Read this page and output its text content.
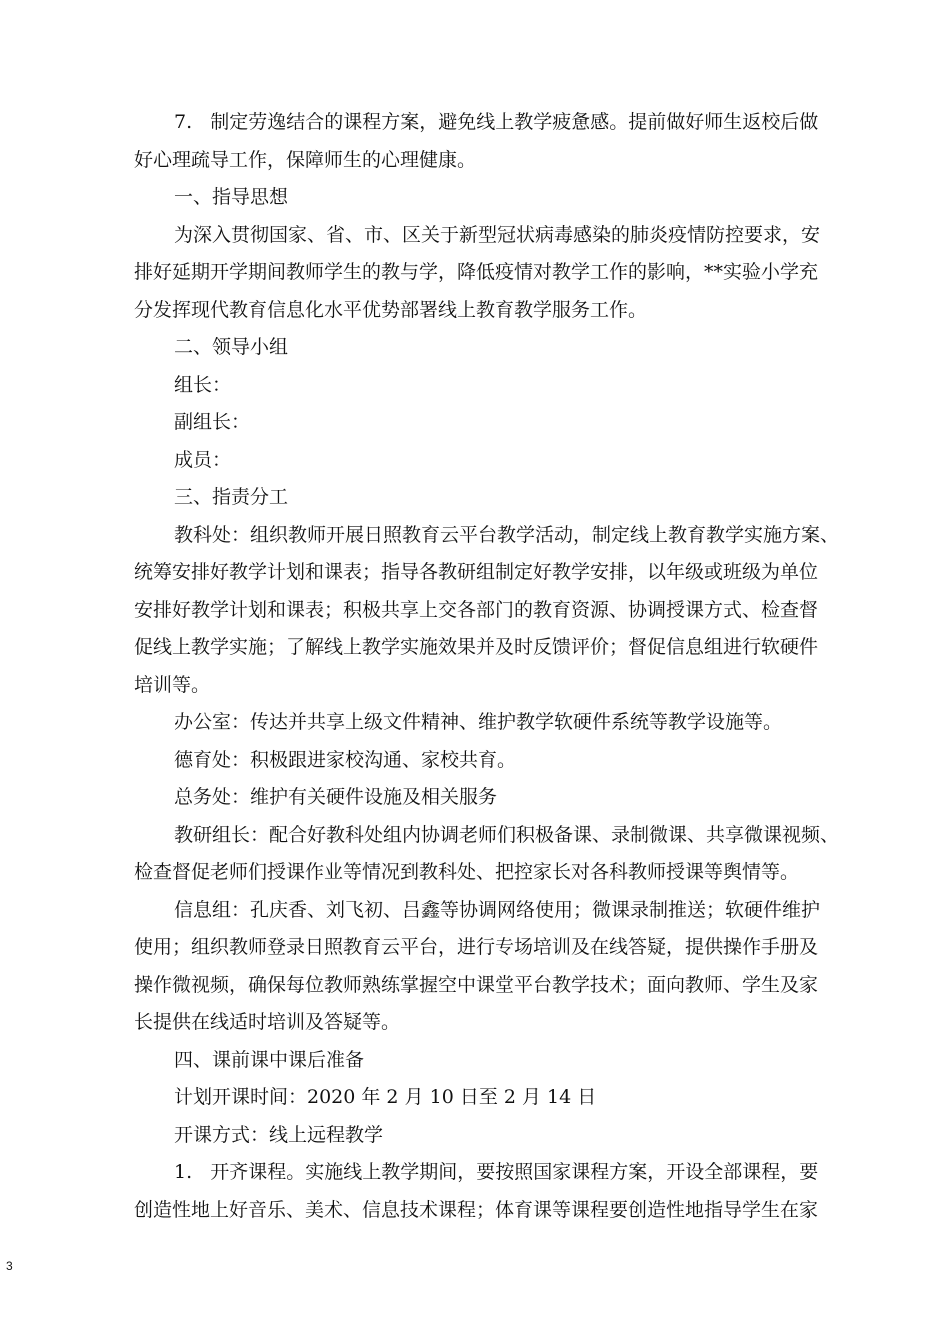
7.   制定劳逸结合的课程方案，避免线上教学疲惫感。提前做好师生返校后做
好心理疏导工作，保障师生的心理健康。
一、指导思想
为深入贯彻国家、省、市、区关于新型冠状病毒感染的肺炎疫情防控要求，安
排好延期开学期间教师学生的教与学，降低疫情对教学工作的影响，**实验小学充
分发挥现代教育信息化水平优势部署线上教育教学服务工作。
二、领导小组
组长：
副组长：
成员：
三、指责分工
教科处：组织教师开展日照教育云平台教学活动，制定线上教育教学实施方案、
统筹安排好教学计划和课表；指导各教研组制定好教学安排，以年级或班级为单位
安排好教学计划和课表；积极共享上交各部门的教育资源、协调授课方式、检查督
促线上教学实施；了解线上教学实施效果并及时反馈评价；督促信息组进行软硬件
培训等。
办公室：传达并共享上级文件精神、维护教学软硬件系统等教学设施等。
德育处：积极跟进家校沟通、家校共育。
总务处：维护有关硬件设施及相关服务
教研组长：配合好教科处组内协调老师们积极备课、录制微课、共享微课视频、
检查督促老师们授课作业等情况到教科处、把控家长对各科教师授课等舆情等。
信息组：孔庆香、刘飞初、吕鑫等协调网络使用；微课录制推送；软硬件维护
使用；组织教师登录日照教育云平台，进行专场培训及在线答疑，提供操作手册及
操作微视频，确保每位教师熟练掌握空中课堂平台教学技术；面向教师、学生及家
长提供在线适时培训及答疑等。
四、课前课中课后准备
计划开课时间：2020 年 2 月 10 日至 2 月 14 日
开课方式：线上远程教学
1.   开齐课程。实施线上教学期间，要按照国家课程方案，开设全部课程，要
创造性地上好音乐、美术、信息技术课程；体育课等课程要创造性地指导学生在家
3
